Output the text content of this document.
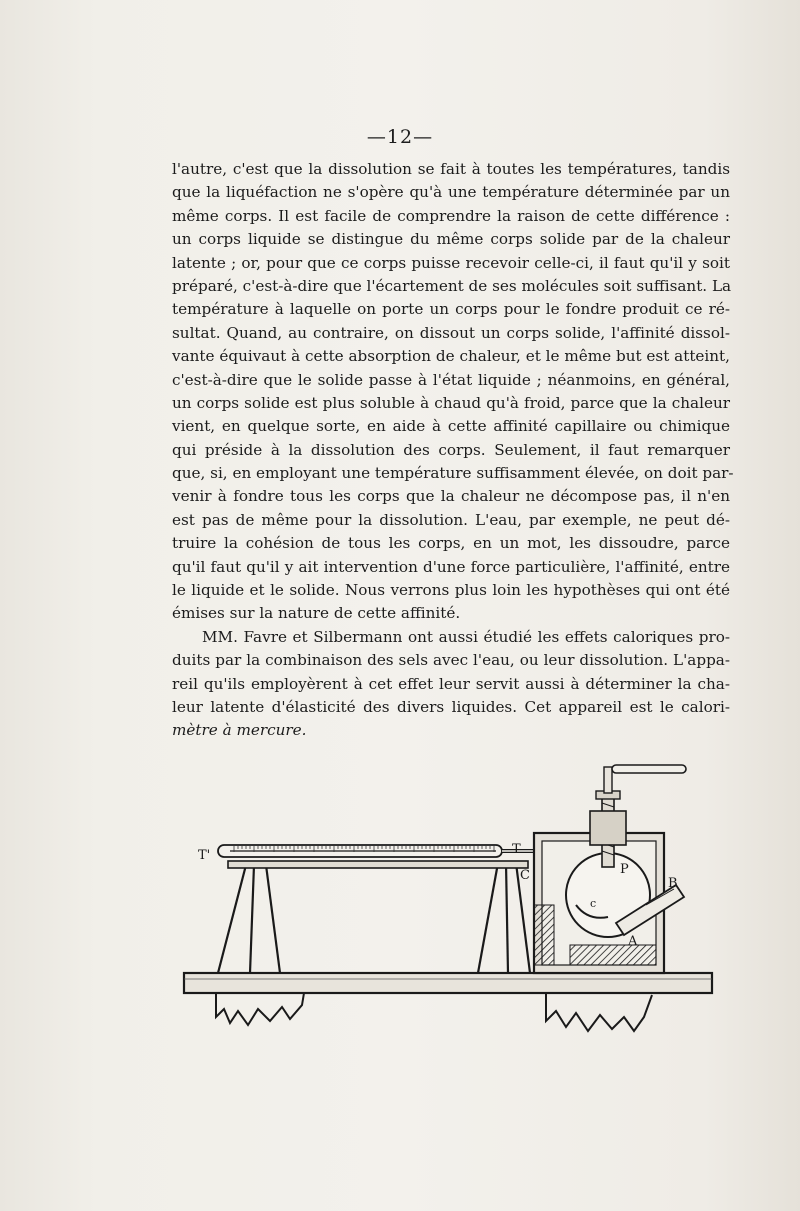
—12—
l'autre, c'est que la dissolution se fait à toutes les températures, tandis
que la liquéfaction ne s'opère qu'à une température déterminée par un
même corps. Il est facile de comprendre la raison de cette différence :
un corps liquide se distingue du même corps solide par de la chaleur
latente ; or, pour que ce corps puisse recevoir celle-ci, il faut qu'il y soit
préparé, c'est-à-dire que l'écartement de ses molécules soit suffisant. La
température à laquelle on porte un corps pour le fondre produit ce ré-
sultat. Quand, au contraire, on dissout un corps solide, l'affinité dissol-
vante équivaut à cette absorption de chaleur, et le même but est atteint,
c'est-à-dire que le solide passe à l'état liquide ; néanmoins, en général,
un corps solide est plus soluble à chaud qu'à froid, parce que la chaleur
vient, en quelque sorte, en aide à cette affinité capillaire ou chimique
qui préside à la dissolution des corps. Seulement, il faut remarquer
que, si, en employant une température suffisamment élevée, on doit par-
venir à fondre tous les corps que la chaleur ne décompose pas, il n'en
est pas de même pour la dissolution. L'eau, par exemple, ne peut dé-
truire la cohésion de tous les corps, en un mot, les dissoudre, parce
qu'il faut qu'il y ait intervention d'une force particulière, l'affinité, entre
le liquide et le solide. Nous verrons plus loin les hypothèses qui ont été
émises sur la nature de cette affinité.
MM. Favre et Silbermann ont aussi étudié les effets caloriques pro-
duits par la combinaison des sels avec l'eau, ou leur dissolution. L'appa-
reil qu'ils employèrent à cet effet leur servit aussi à déterminer la cha-
leur latente d'élasticité des divers liquides. Cet appareil est le calori-
mètre à mercure.
T'	T
C
c
P
B
A
